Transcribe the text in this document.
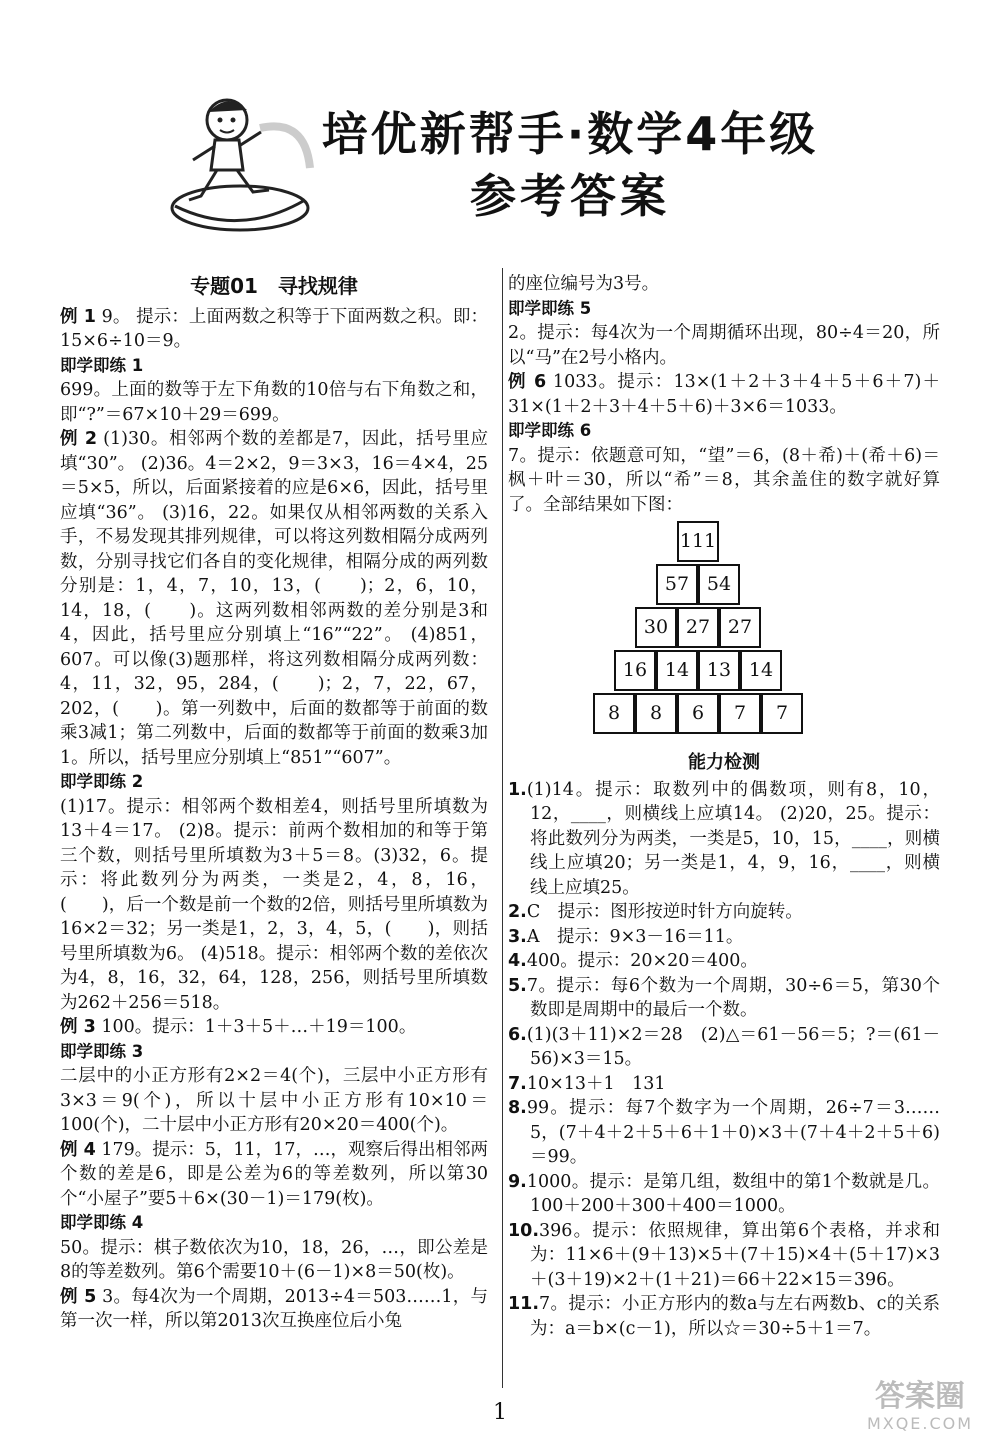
培优新帮手·数学4年级
参考答案
专题01　寻找规律

例 1 9。 提示：上面两数之积等于下面两数之积。即：15×6÷10＝9。

即学即练 1

699。上面的数等于左下角数的10倍与右下角数之和，即“?”＝67×10＋29＝699。

例 2 (1)30。相邻两个数的差都是7，因此，括号里应填“30”。 (2)36。4＝2×2，9＝3×3，16＝4×4，25＝5×5，所以，后面紧接着的应是6×6，因此，括号里应填“36”。 (3)16，22。如果仅从相邻两数的关系入手，不易发现其排列规律，可以将这列数相隔分成两列数，分别寻找它们各自的变化规律，相隔分成的两列数分别是：1，4，7，10，13，(　　)；2，6，10，14，18，(　　)。这两列数相邻两数的差分别是3和4，因此，括号里应分别填上“16”“22”。 (4)851，607。可以像(3)题那样，将这列数相隔分成两列数：4，11，32，95，284，(　　)；2，7，22，67，202，(　　)。第一列数中，后面的数都等于前面的数乘3减1；第二列数中，后面的数都等于前面的数乘3加1。所以，括号里应分别填上“851”“607”。

即学即练 2

(1)17。提示：相邻两个数相差4，则括号里所填数为13＋4＝17。 (2)8。提示：前两个数相加的和等于第三个数，则括号里所填数为3＋5＝8。(3)32，6。提示：将此数列分为两类，一类是2，4，8，16，(　　)，后一个数是前一个数的2倍，则括号里所填数为16×2＝32；另一类是1，2，3，4，5，(　　)，则括号里所填数为6。 (4)518。提示：相邻两个数的差依次为4，8，16，32，64，128，256，则括号里所填数为262＋256＝518。

例 3 100。提示：1＋3＋5＋…＋19＝100。

即学即练 3

二层中的小正方形有2×2＝4(个)，三层中小正方形有3×3＝9(个)，所以十层中小正方形有10×10＝100(个)，二十层中小正方形有20×20＝400(个)。

例 4 179。提示：5，11，17，…，观察后得出相邻两个数的差是6，即是公差为6的等差数列，所以第30个“小屋子”要5＋6×(30－1)＝179(枚)。

即学即练 4

50。提示：棋子数依次为10，18，26，…，即公差是8的等差数列。第6个需要10＋(6－1)×8＝50(枚)。

例 5 3。每4次为一个周期，2013÷4＝503……1，与第一次一样，所以第2013次互换座位后小兔

的座位编号为3号。

即学即练 5

2。提示：每4次为一个周期循环出现，80÷4＝20，所以“马”在2号小格内。

例 6 1033。提示：13×(1＋2＋3＋4＋5＋6＋7)＋31×(1＋2＋3＋4＋5＋6)＋3×6＝1033。

即学即练 6

7。提示：依题意可知，“望”＝6，(8＋希)＋(希＋6)＝枫＋叶＝30，所以“希”＝8，其余盖住的数字就好算了。全部结果如下图：

111
57 54
30 27 27
16 14 13 14
8	8	6	7	7
能力检测

1.(1)14。提示：取数列中的偶数项，则有8，10，12，____，则横线上应填14。 (2)20，25。提示：将此数列分为两类，一类是5，10，15，____，则横线上应填20；另一类是1，4，9，16，____，则横线上应填25。

2.C　提示：图形按逆时针方向旋转。

3.A　提示：9×3－16＝11。

4.400。提示：20×20＝400。

5.7。提示：每6个数为一个周期，30÷6＝5，第30个数即是周期中的最后一个数。

6.(1)(3＋11)×2＝28　(2)△＝61－56＝5；?＝(61－56)×3＝15。

7.10×13＋1　131

8.99。提示：每7个数字为一个周期，26÷7＝3……5，(7＋4＋2＋5＋6＋1＋0)×3＋(7＋4＋2＋5＋6)＝99。

9.1000。提示：是第几组，数组中的第1个数就是几。100＋200＋300＋400＝1000。

10.396。提示：依照规律，算出第6个表格，并求和为：11×6＋(9＋13)×5＋(7＋15)×4＋(5＋17)×3＋(3＋19)×2＋(1＋21)＝66＋22×15＝396。

11.7。提示：小正方形内的数a与左右两数b、c的关系为：a＝b×(c－1)，所以☆＝30÷5＋1＝7。

1	答案圈
MXQE.COM
